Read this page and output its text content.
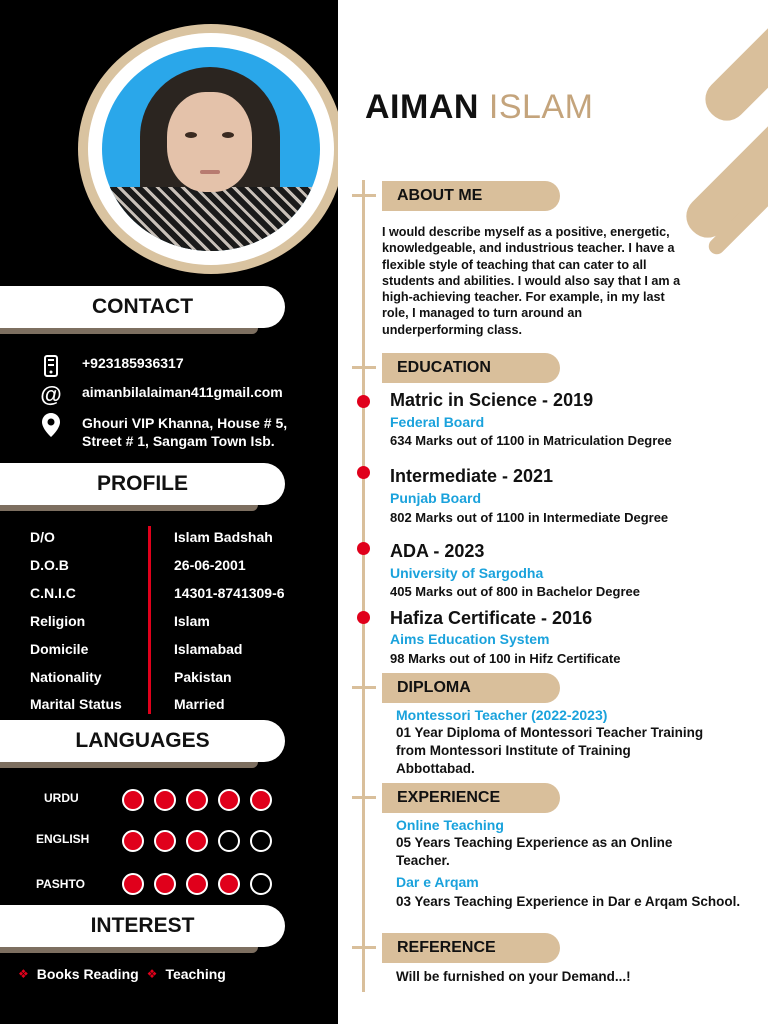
CONTACT
+923185936317
@ aimanbilalaiman411gmail.com
Ghouri VIP Khanna, House # 5,
Street # 1, Sangam Town Isb.
PROFILE
D/O	Islam Badshah
D.O.B	26-06-2001
C.N.I.C	14301-8741309-6
Religion	Islam
Domicile	Islamabad
Nationality	Pakistan
Marital Status	Married
LANGUAGES
URDU
ENGLISH
PASHTO
INTEREST
❖ Books Reading ❖ Teaching
AIMAN ISLAM
ABOUT ME

I would describe myself as a positive, energetic, knowledgeable, and industrious teacher. I have a flexible style of teaching that can cater to all students and abilities. I would also say that I am a high-achieving teacher. For example, in my last role, I managed to turn around an underperforming class.

EDUCATION
Matric in Science - 2019
Federal Board
634 Marks out of 1100 in Matriculation Degree
Intermediate - 2021
Punjab Board
802 Marks out of 1100 in Intermediate Degree
ADA - 2023
University of Sargodha
405 Marks out of 800 in Bachelor Degree
Hafiza Certificate - 2016
Aims Education System
98 Marks out of 100 in Hifz Certificate
DIPLOMA
Montessori Teacher (2022-2023)
01 Year Diploma of Montessori Teacher Training from Montessori Institute of Training Abbottabad.
EXPERIENCE
Online Teaching
05 Years Teaching Experience as an Online Teacher.
Dar e Arqam
03 Years Teaching Experience in Dar e Arqam School.
REFERENCE
Will be furnished on your Demand...!
